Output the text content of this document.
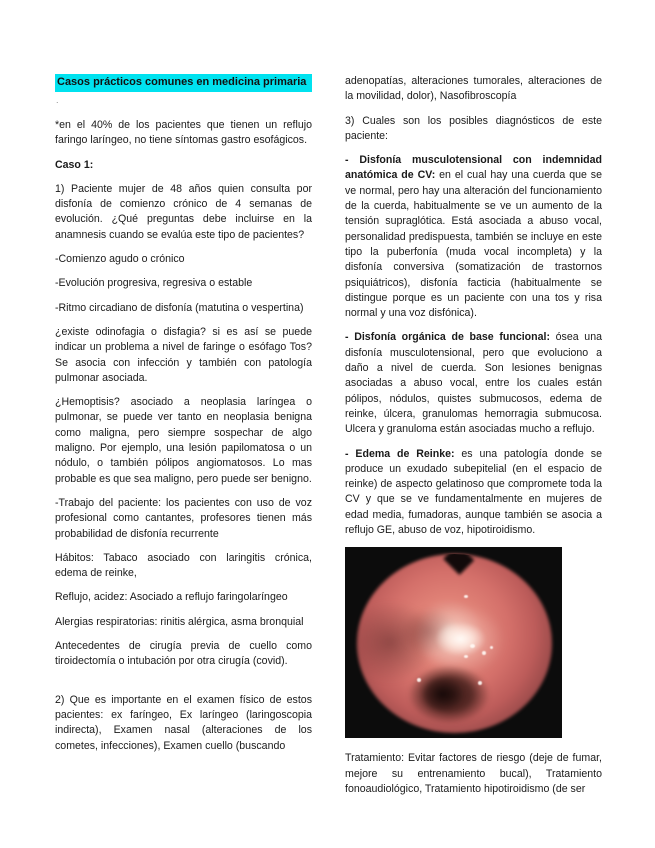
Casos prácticos comunes en medicina primaria
.

*en el 40% de los pacientes que tienen un reflujo faringo laríngeo, no tiene síntomas gastro esofágicos.

Caso 1:

1) Paciente mujer de 48 años quien consulta por disfonía de comienzo crónico de 4 semanas de evolución. ¿Qué preguntas debe incluirse en la anamnesis cuando se evalúa este tipo de pacientes?

-Comienzo agudo o crónico

-Evolución progresiva, regresiva o estable

-Ritmo circadiano de disfonía (matutina o vespertina)

¿existe odinofagia o disfagia? si es así se puede indicar un problema a nivel de faringe o esófago Tos? Se asocia con infección y también con patología pulmonar asociada.

¿Hemoptisis? asociado a neoplasia laríngea o pulmonar, se puede ver tanto en neoplasia benigna como maligna, pero siempre sospechar de algo maligno. Por ejemplo, una lesión papilomatosa o un nódulo, o también pólipos angiomatosos. Lo mas probable es que sea maligno, pero puede ser benigno.

-Trabajo del paciente: los pacientes con uso de voz profesional como cantantes, profesores tienen más probabilidad de disfonía recurrente

Hábitos: Tabaco asociado con laringitis crónica, edema de reinke,

Reflujo, acidez: Asociado a reflujo faringolaríngeo

Alergias respiratorias: rinitis alérgica, asma bronquial

Antecedentes de cirugía previa de cuello como tiroidectomía o intubación por otra cirugía (covid).

2) Que es importante en el examen físico de estos pacientes: ex faríngeo, Ex laríngeo (laringoscopia indirecta), Examen nasal (alteraciones de los cometes, infecciones), Examen cuello (buscando

adenopatías, alteraciones tumorales, alteraciones de la movilidad, dolor), Nasofibroscopía

3) Cuales son los posibles diagnósticos de este paciente:

- Disfonía musculotensional con indemnidad anatómica de CV: en el cual hay una cuerda que se ve normal, pero hay una alteración del funcionamiento de la cuerda, habitualmente se ve un aumento de la tensión supraglótica. Está asociada a abuso vocal, personalidad predispuesta, también se incluye en este tipo la puberfonía (muda vocal incompleta) y la disfonía conversiva (somatización de trastornos psiquiátricos), disfonía facticia (habitualmente se distingue porque es un paciente con una tos y risa normal y una voz disfónica).

- Disfonía orgánica de base funcional: ósea una disfonía musculotensional, pero que evoluciono a daño a nivel de cuerda. Son lesiones benignas asociadas a abuso vocal, entre los cuales están pólipos, nódulos, quistes submucosos, edema de reinke, úlcera, granulomas hemorragia submucosa. Ulcera y granuloma están asociadas mucho a reflujo.

- Edema de Reinke: es una patología donde se produce un exudado subepitelial (en el espacio de reinke) de aspecto gelatinoso que compromete toda la CV y que se ve fundamentalmente en mujeres de edad media, fumadoras, aunque también se asocia a reflujo GE, abuso de voz, hipotiroidismo.

Tratamiento: Evitar factores de riesgo (deje de fumar, mejore su entrenamiento bucal), Tratamiento fonoaudiológico, Tratamiento hipotiroidismo (de ser
